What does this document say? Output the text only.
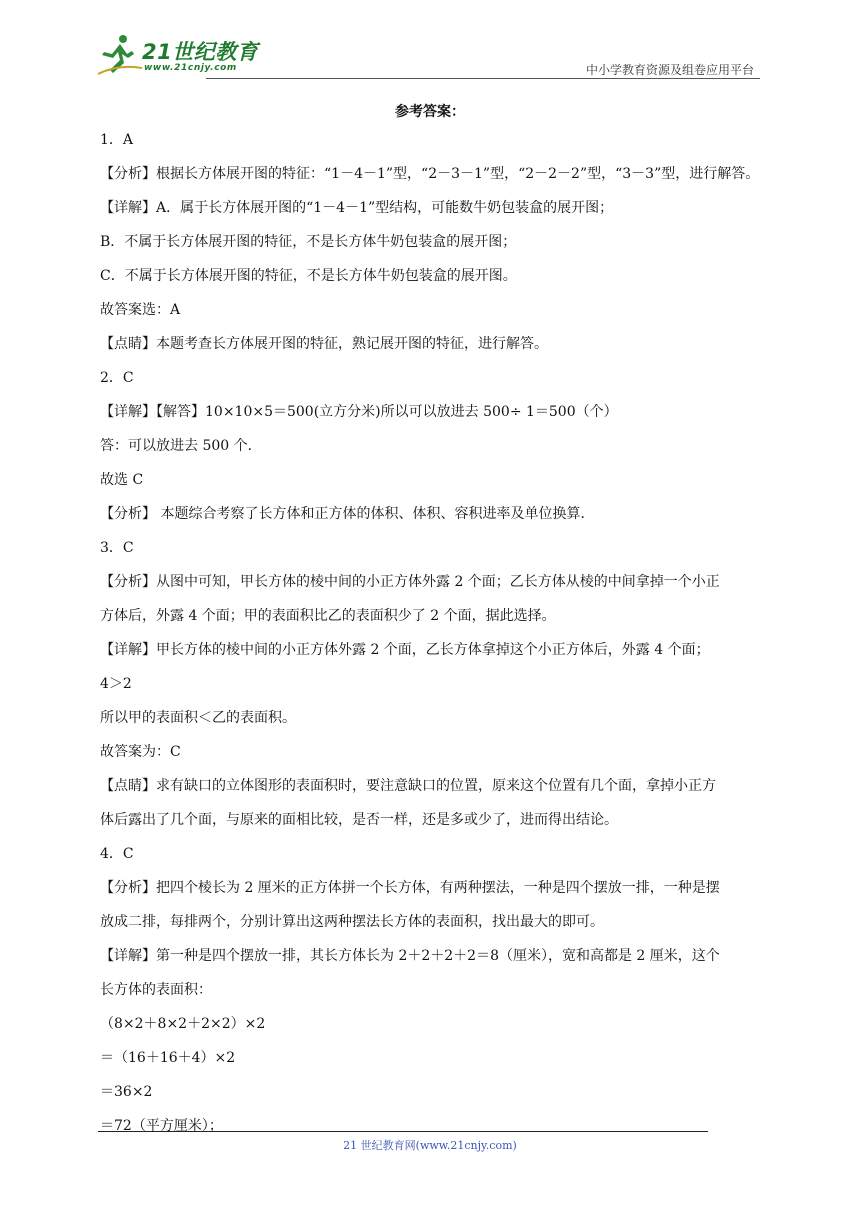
21世纪教育
www.21cnjy.com	中小学教育资源及组卷应用平台
参考答案：
1．A
【分析】根据长方体展开图的特征：“1－4－1”型，“2－3－1”型，“2－2－2”型，“3－3”型，进行解答。
【详解】A．属于长方体展开图的“1－4－1”型结构，可能数牛奶包装盒的展开图；
B．不属于长方体展开图的特征，不是长方体牛奶包装盒的展开图；
C．不属于长方体展开图的特征，不是长方体牛奶包装盒的展开图。
故答案选：A
【点睛】本题考查长方体展开图的特征，熟记展开图的特征，进行解答。
2．C
【详解】【解答】10×10×5＝500(立方分米)所以可以放进去 500÷ 1＝500（个）
答：可以放进去 500 个．
故选 C
【分析】 本题综合考察了长方体和正方体的体积、体积、容积进率及单位换算．
3．C
【分析】从图中可知，甲长方体的棱中间的小正方体外露 2 个面；乙长方体从棱的中间拿掉一个小正
方体后，外露 4 个面；甲的表面积比乙的表面积少了 2 个面，据此选择。
【详解】甲长方体的棱中间的小正方体外露 2 个面，乙长方体拿掉这个小正方体后，外露 4 个面；
4＞2
所以甲的表面积＜乙的表面积。
故答案为：C
【点睛】求有缺口的立体图形的表面积时，要注意缺口的位置，原来这个位置有几个面，拿掉小正方
体后露出了几个面，与原来的面相比较，是否一样，还是多或少了，进而得出结论。
4．C
【分析】把四个棱长为 2 厘米的正方体拼一个长方体，有两种摆法，一种是四个摆放一排，一种是摆
放成二排，每排两个，分别计算出这两种摆法长方体的表面积，找出最大的即可。
【详解】第一种是四个摆放一排，其长方体长为 2＋2＋2＋2＝8（厘米），宽和高都是 2 厘米，这个
长方体的表面积：
（8×2＋8×2＋2×2）×2
＝（16＋16＋4）×2
＝36×2
＝72（平方厘米）；
21 世纪教育网(www.21cnjy.com)
